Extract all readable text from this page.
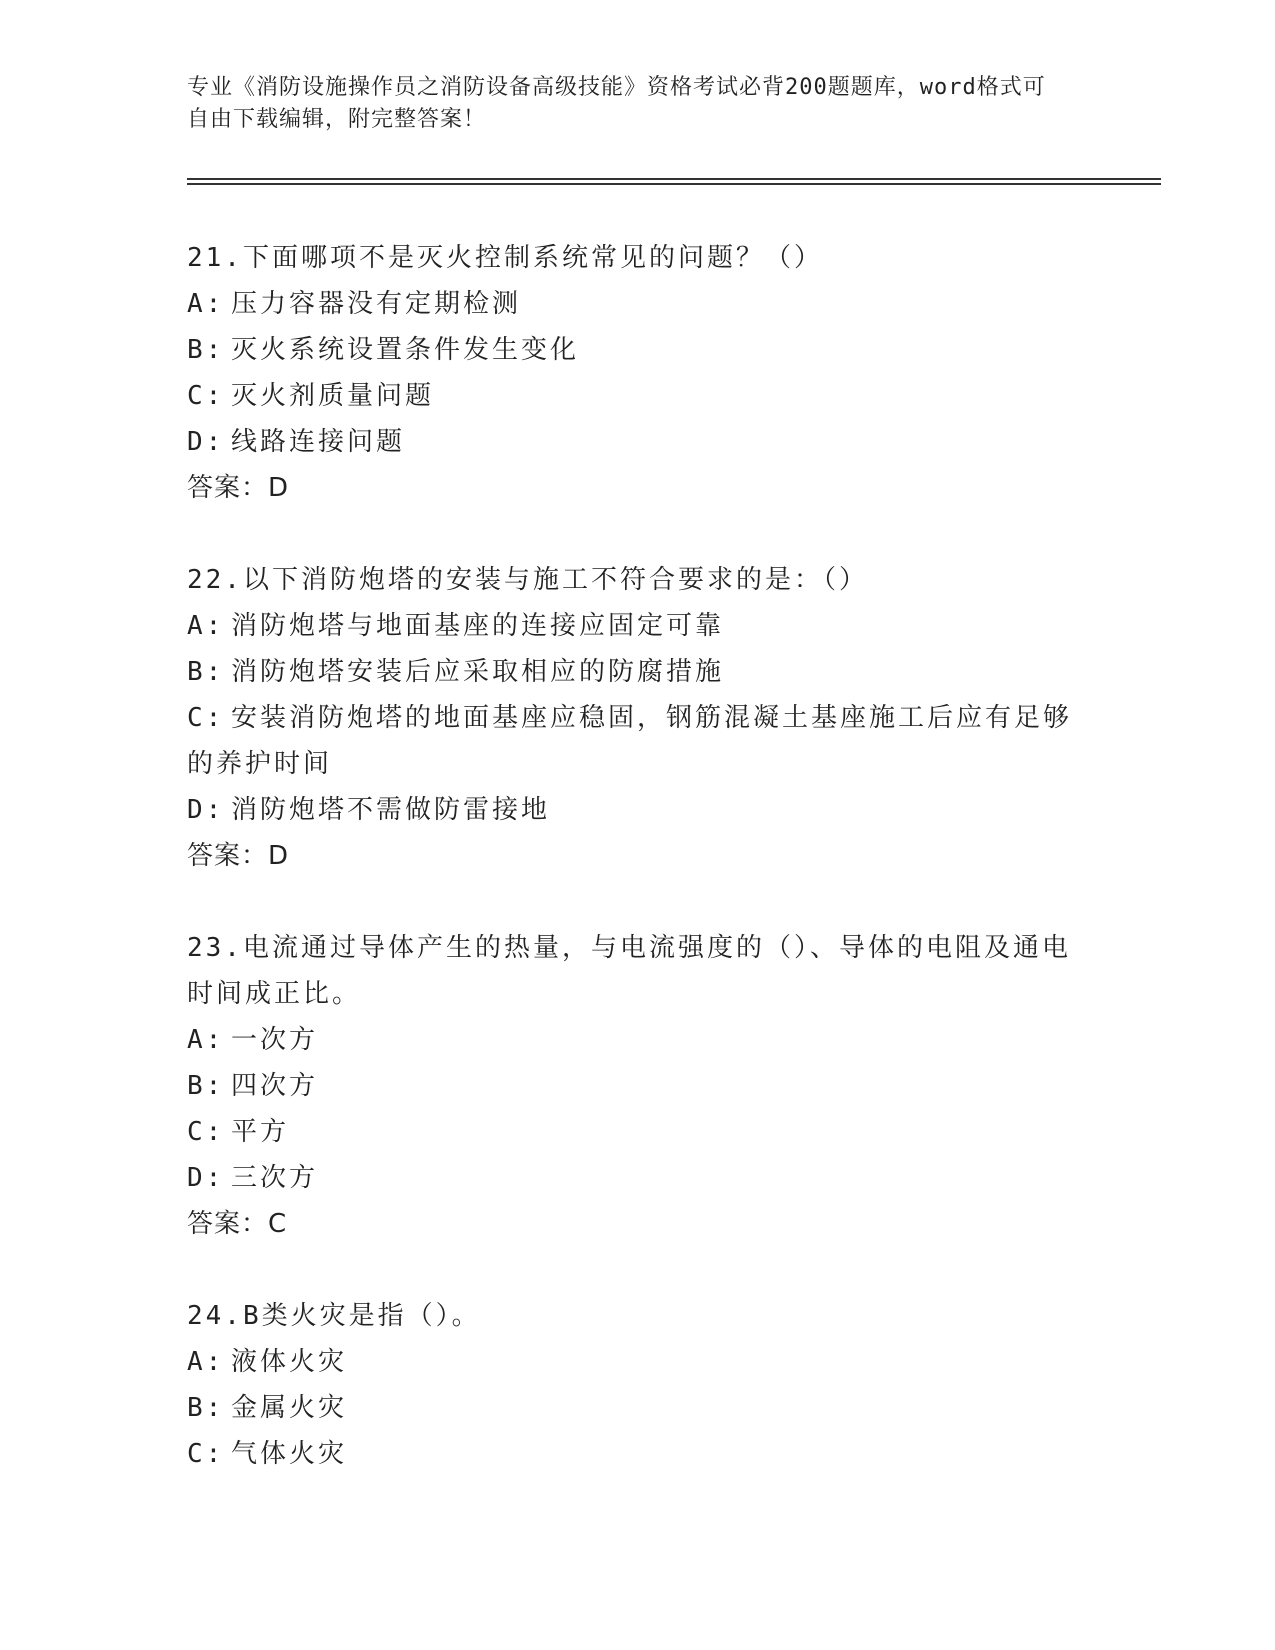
专业《消防设施操作员之消防设备高级技能》资格考试必背200题题库，word格式可自由下载编辑，附完整答案！
21.下面哪项不是灭火控制系统常见的问题？（）
A: 压力容器没有定期检测
B: 灭火系统设置条件发生变化
C: 灭火剂质量问题
D: 线路连接问题
答案：D
22.以下消防炮塔的安装与施工不符合要求的是：（）
A: 消防炮塔与地面基座的连接应固定可靠
B: 消防炮塔安装后应采取相应的防腐措施
C: 安装消防炮塔的地面基座应稳固，钢筋混凝土基座施工后应有足够的养护时间
D: 消防炮塔不需做防雷接地
答案：D
23.电流通过导体产生的热量，与电流强度的（）、导体的电阻及通电时间成正比。
A: 一次方
B: 四次方
C: 平方
D: 三次方
答案：C
24.B类火灾是指（）。
A: 液体火灾
B: 金属火灾
C: 气体火灾
